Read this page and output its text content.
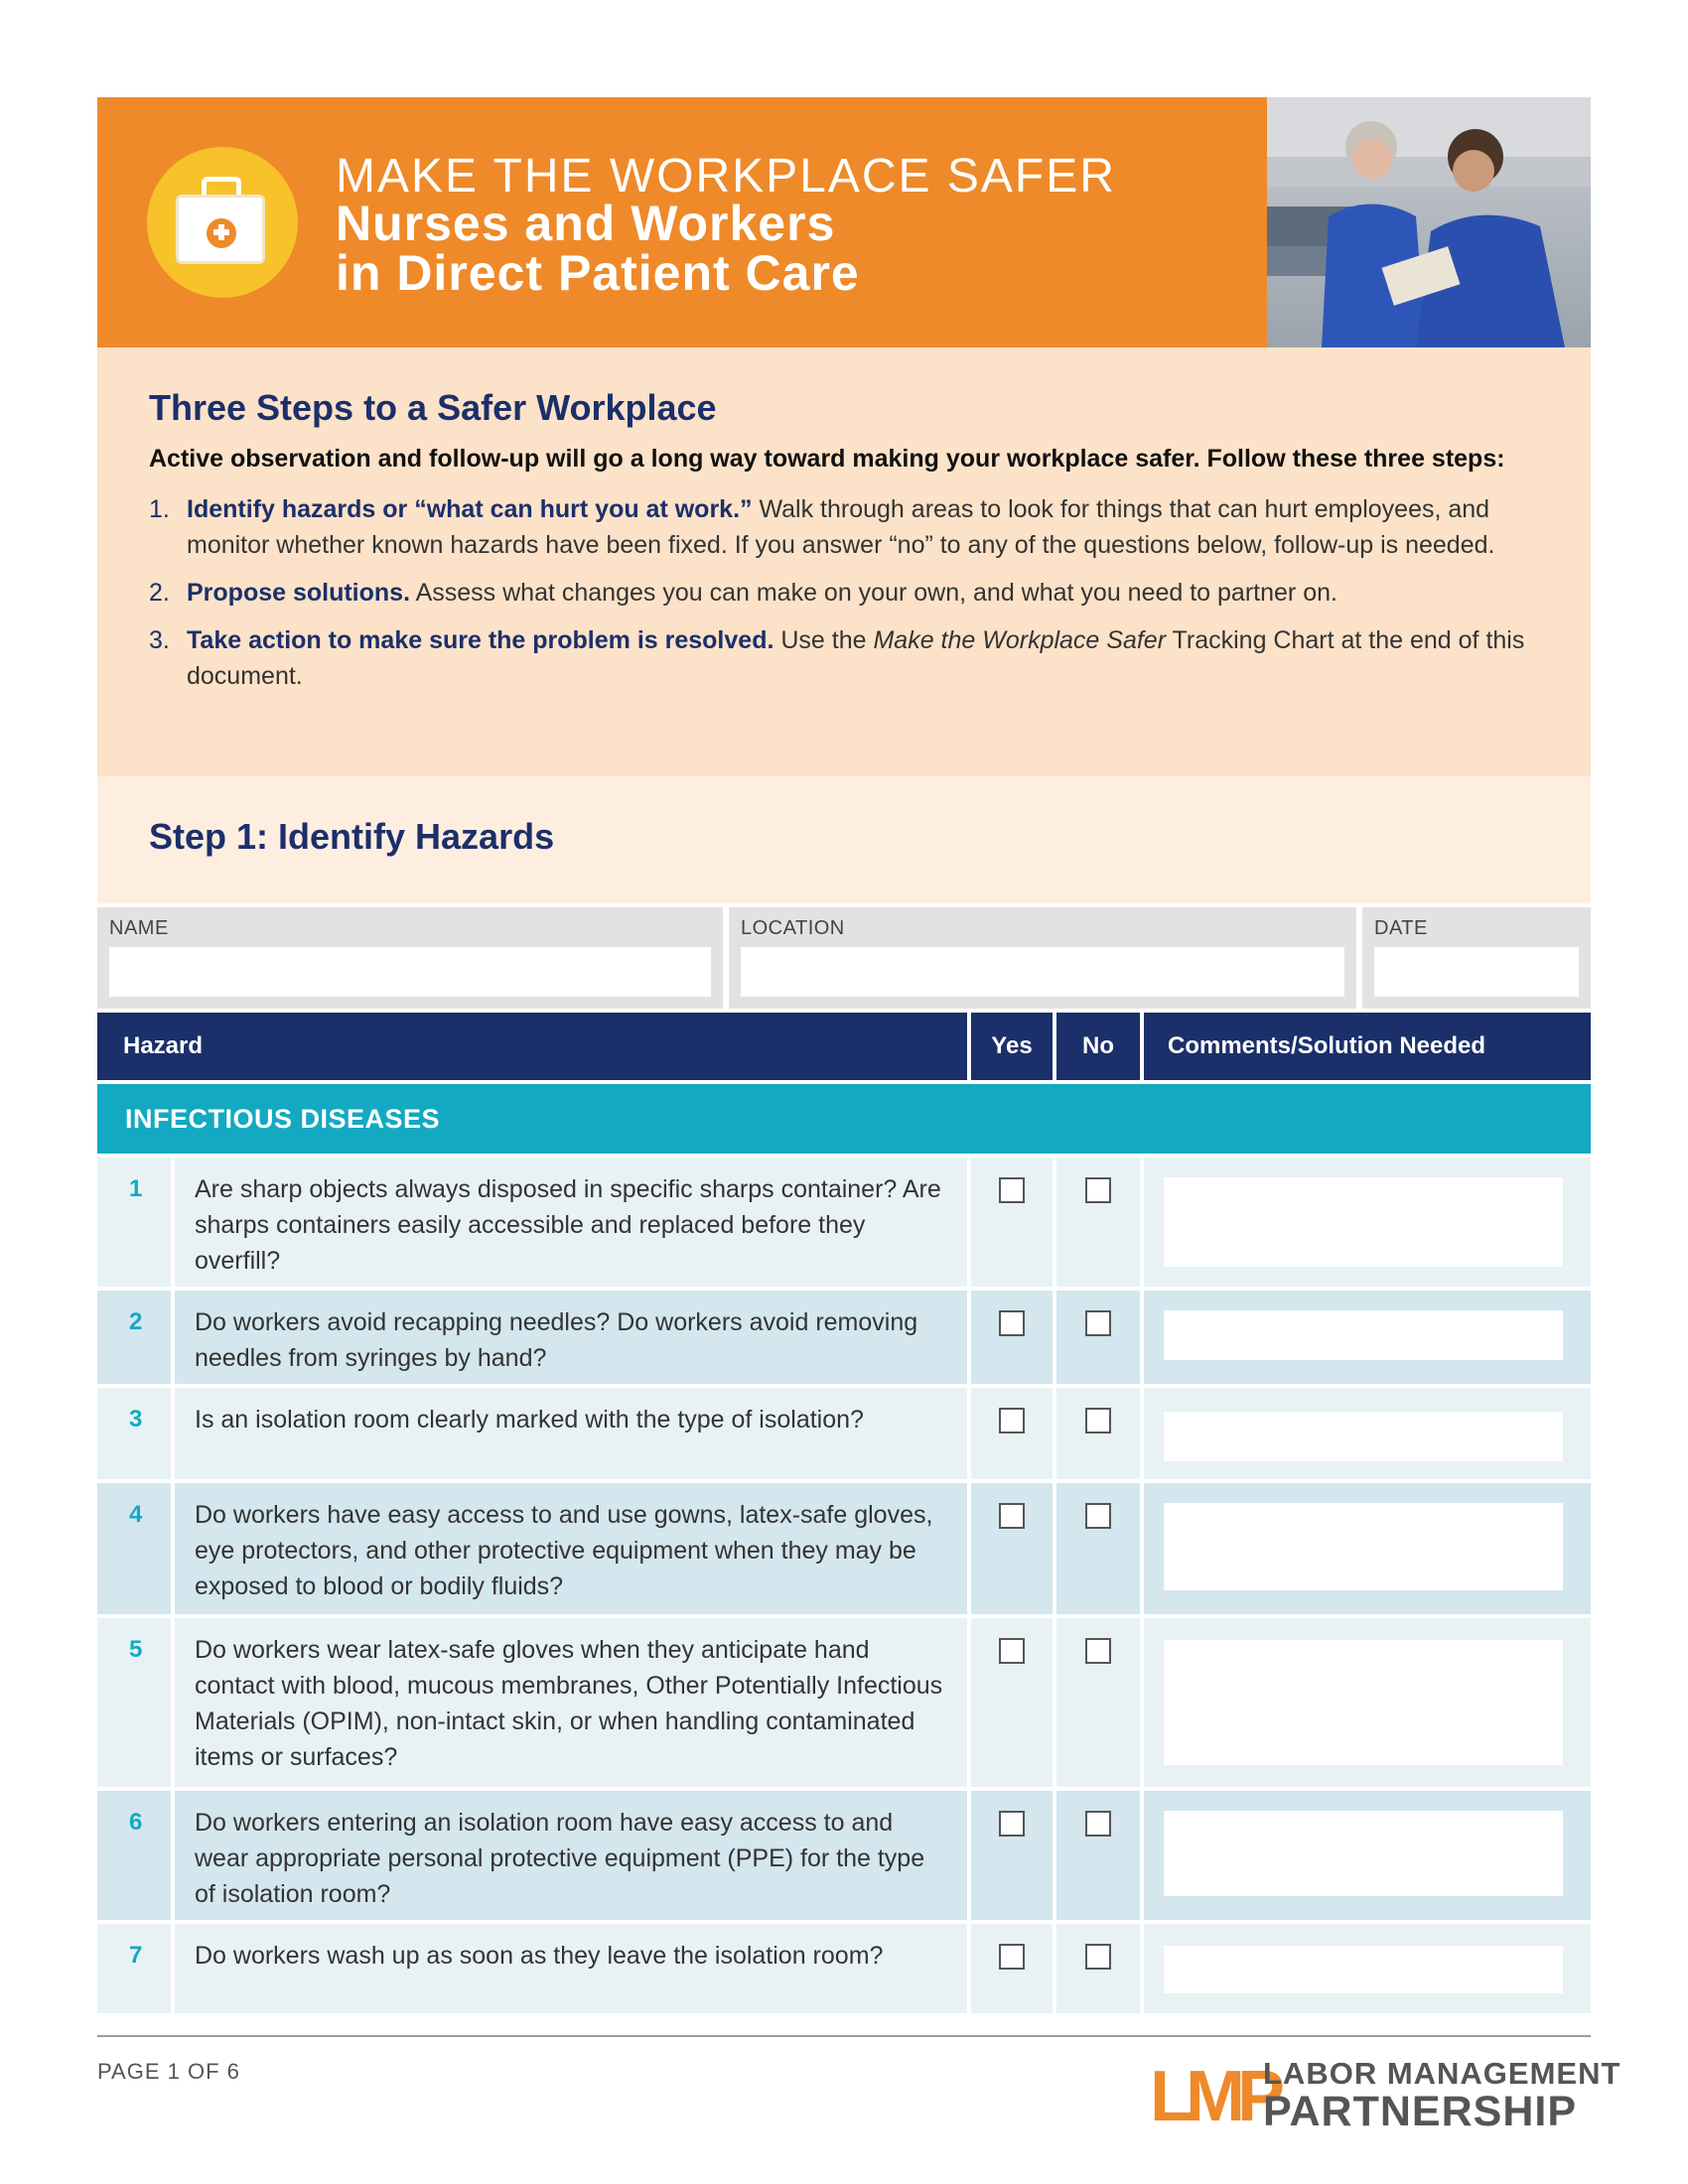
MAKE THE WORKPLACE SAFER
Nurses and Workers
in Direct Patient Care
Three Steps to a Safer Workplace
Active observation and follow-up will go a long way toward making your workplace safer. Follow these three steps:
1. Identify hazards or “what can hurt you at work.” Walk through areas to look for things that can hurt employees, and monitor whether known hazards have been fixed. If you answer “no” to any of the questions below, follow-up is needed.
2. Propose solutions. Assess what changes you can make on your own, and what you need to partner on.
3. Take action to make sure the problem is resolved. Use the Make the Workplace Safer Tracking Chart at the end of this document.
Step 1: Identify Hazards
NAME	LOCATION	DATE
Hazard	Yes	No	Comments/Solution Needed
INFECTIOUS DISEASES
1	Are sharp objects always disposed in specific sharps container? Are sharps containers easily accessible and replaced before they overfill?
2	Do workers avoid recapping needles? Do workers avoid removing needles from syringes by hand?
3	Is an isolation room clearly marked with the type of isolation?
4	Do workers have easy access to and use gowns, latex-safe gloves, eye protectors, and other protective equipment when they may be exposed to blood or bodily fluids?
5	Do workers wear latex-safe gloves when they anticipate hand contact with blood, mucous membranes, Other Potentially Infectious Materials (OPIM), non-intact skin, or when handling contaminated items or surfaces?
6	Do workers entering an isolation room have easy access to and wear appropriate personal protective equipment (PPE) for the type of isolation room?
7	Do workers wash up as soon as they leave the isolation room?
PAGE 1 OF 6	LMP
LABOR MANAGEMENT
PARTNERSHIP
